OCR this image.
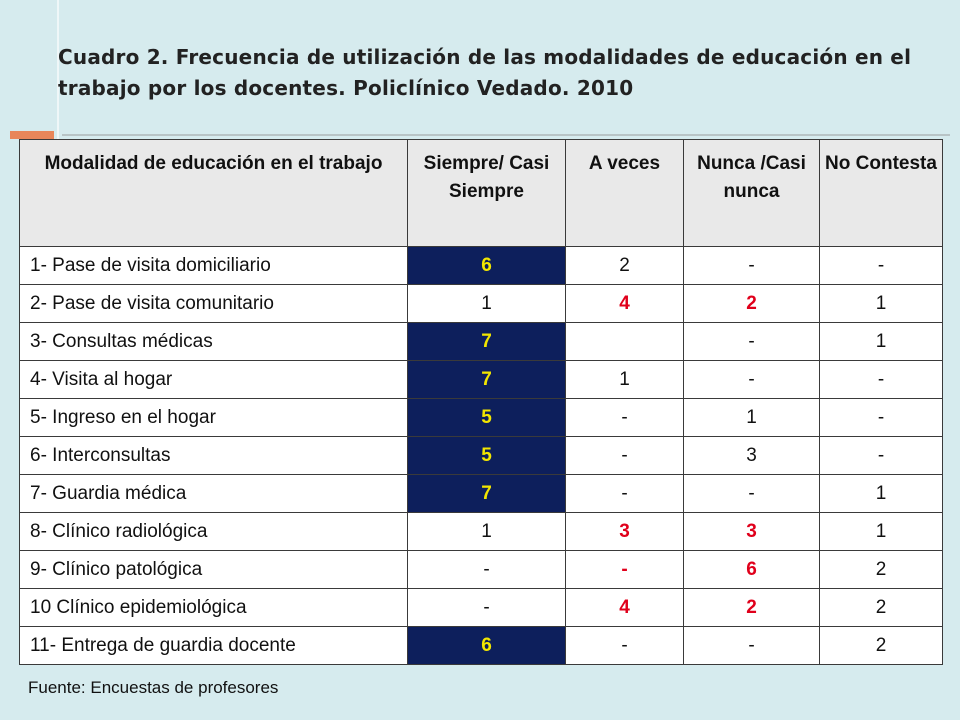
Cuadro 2. Frecuencia de utilización de las modalidades de educación en el trabajo por los docentes. Policlínico Vedado. 2010
Modalidad de educación en el trabajo	Siempre/ Casi Siempre	A veces	Nunca /Casi nunca	No Contesta
1- Pase de visita domiciliario	6	2	-	-
2- Pase de visita comunitario	1	4	2	1
3- Consultas médicas	7		-	1
4- Visita al hogar	7	1	-	-
5- Ingreso en el hogar	5	-	1	-
6- Interconsultas	5	-	3	-
7- Guardia médica	7	-	-	1
8- Clínico radiológica	1	3	3	1
9- Clínico patológica	-	-	6	2
10 Clínico epidemiológica	-	4	2	2
11- Entrega de guardia docente	6	-	-	2
Fuente: Encuestas de profesores
